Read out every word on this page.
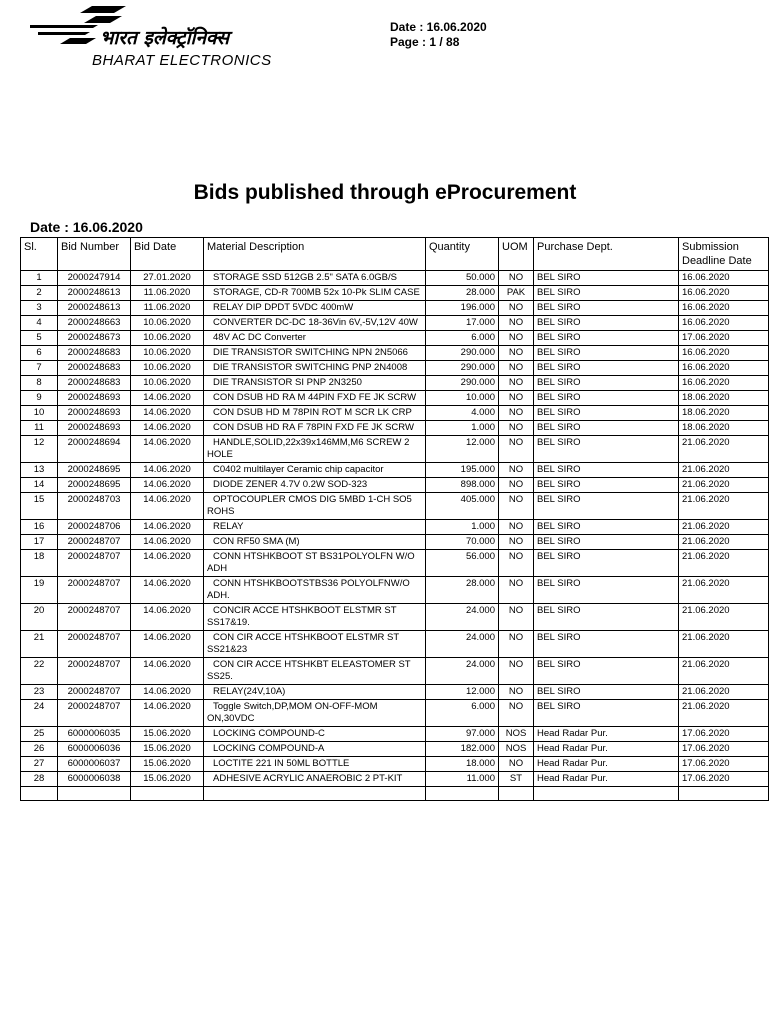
भारत इलेक्ट्रॉनिक्स
BHARAT ELECTRONICS
Date : 16.06.2020
Page : 1 / 88
Bids published through eProcurement
Date : 16.06.2020
Sl.	Bid Number	Bid Date	Material Description	Quantity	UOM	Purchase Dept.	Submission Deadline Date
1	2000247914	27.01.2020	STORAGE SSD 512GB 2.5" SATA 6.0GB/S	50.000	NO	BEL SIRO	16.06.2020
2	2000248613	11.06.2020	STORAGE, CD-R 700MB 52x 10-Pk SLIM CASE	28.000	PAK	BEL SIRO	16.06.2020
3	2000248613	11.06.2020	RELAY DIP DPDT 5VDC 400mW	196.000	NO	BEL SIRO	16.06.2020
4	2000248663	10.06.2020	CONVERTER DC-DC 18-36Vin 6V,-5V,12V 40W	17.000	NO	BEL SIRO	16.06.2020
5	2000248673	10.06.2020	48V AC DC Converter	6.000	NO	BEL SIRO	17.06.2020
6	2000248683	10.06.2020	DIE TRANSISTOR SWITCHING NPN 2N5066	290.000	NO	BEL SIRO	16.06.2020
7	2000248683	10.06.2020	DIE TRANSISTOR SWITCHING PNP 2N4008	290.000	NO	BEL SIRO	16.06.2020
8	2000248683	10.06.2020	DIE TRANSISTOR SI PNP 2N3250	290.000	NO	BEL SIRO	16.06.2020
9	2000248693	14.06.2020	CON DSUB HD RA M 44PIN FXD FE JK SCRW	10.000	NO	BEL SIRO	18.06.2020
10	2000248693	14.06.2020	CON DSUB HD M 78PIN ROT M SCR LK CRP	4.000	NO	BEL SIRO	18.06.2020
11	2000248693	14.06.2020	CON DSUB HD RA F 78PIN FXD FE JK SCRW	1.000	NO	BEL SIRO	18.06.2020
12	2000248694	14.06.2020	HANDLE,SOLID,22x39x146MM,M6 SCREW 2 HOLE	12.000	NO	BEL SIRO	21.06.2020
13	2000248695	14.06.2020	C0402 multilayer Ceramic chip capacitor	195.000	NO	BEL SIRO	21.06.2020
14	2000248695	14.06.2020	DIODE ZENER 4.7V 0.2W SOD-323	898.000	NO	BEL SIRO	21.06.2020
15	2000248703	14.06.2020	OPTOCOUPLER CMOS DIG 5MBD 1-CH SO5 ROHS	405.000	NO	BEL SIRO	21.06.2020
16	2000248706	14.06.2020	RELAY	1.000	NO	BEL SIRO	21.06.2020
17	2000248707	14.06.2020	CON RF50 SMA (M)	70.000	NO	BEL SIRO	21.06.2020
18	2000248707	14.06.2020	CONN HTSHKBOOT ST BS31POLYOLFN W/O ADH	56.000	NO	BEL SIRO	21.06.2020
19	2000248707	14.06.2020	CONN HTSHKBOOTSTBS36 POLYOLFNW/O ADH.	28.000	NO	BEL SIRO	21.06.2020
20	2000248707	14.06.2020	CONCIR ACCE HTSHKBOOT ELSTMR ST SS17&19.	24.000	NO	BEL SIRO	21.06.2020
21	2000248707	14.06.2020	CON CIR ACCE HTSHKBOOT ELSTMR ST SS21&23	24.000	NO	BEL SIRO	21.06.2020
22	2000248707	14.06.2020	CON CIR ACCE HTSHKBT ELEASTOMER ST SS25.	24.000	NO	BEL SIRO	21.06.2020
23	2000248707	14.06.2020	RELAY(24V,10A)	12.000	NO	BEL SIRO	21.06.2020
24	2000248707	14.06.2020	Toggle Switch,DP,MOM ON-OFF-MOM ON,30VDC	6.000	NO	BEL SIRO	21.06.2020
25	6000006035	15.06.2020	LOCKING COMPOUND-C	97.000	NOS	Head Radar Pur.	17.06.2020
26	6000006036	15.06.2020	LOCKING COMPOUND-A	182.000	NOS	Head Radar Pur.	17.06.2020
27	6000006037	15.06.2020	LOCTITE 221 IN 50ML BOTTLE	18.000	NO	Head Radar Pur.	17.06.2020
28	6000006038	15.06.2020	ADHESIVE ACRYLIC ANAEROBIC 2 PT-KIT	11.000	ST	Head Radar Pur.	17.06.2020
